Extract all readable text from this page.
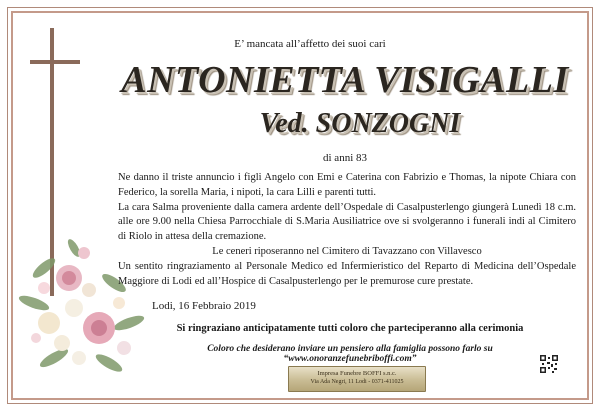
E’ mancata all’affetto dei suoi cari
ANTONIETTA VISIGALLI
Ved. SONZOGNI
di anni 83

Ne danno il triste annuncio i figli Angelo con Emi e Caterina con Fabrizio e Thomas, la nipote Chiara con Federico, la sorella Maria, i nipoti, la cara Lilli e parenti tutti.

La cara Salma proveniente dalla camera ardente dell’Ospedale di Casalpusterlengo giungerà Lunedì 18 c.m. alle ore 9.00 nella Chiesa Parrocchiale di S.Maria Ausiliatrice ove si svolgeranno i funerali indi al Cimitero di Riolo in attesa della cremazione.

Le ceneri riposeranno nel Cimitero di Tavazzano con Villavesco

Un sentito ringraziamento al Personale Medico ed Infermieristico del Reparto di Medicina dell’Ospedale Maggiore di Lodi ed all’Hospice di Casalpusterlengo per le premurose cure prestate.

Lodi, 16 Febbraio 2019
Si ringraziano anticipatamente tutti coloro che parteciperanno alla cerimonia
Coloro che desiderano inviare un pensiero alla famiglia possono farlo su “www.onoranzefunebriboffi.com”
Impresa Funebre BOFFI s.n.c.
Via Ada Negri, 11 Lodi - 0371-411025
